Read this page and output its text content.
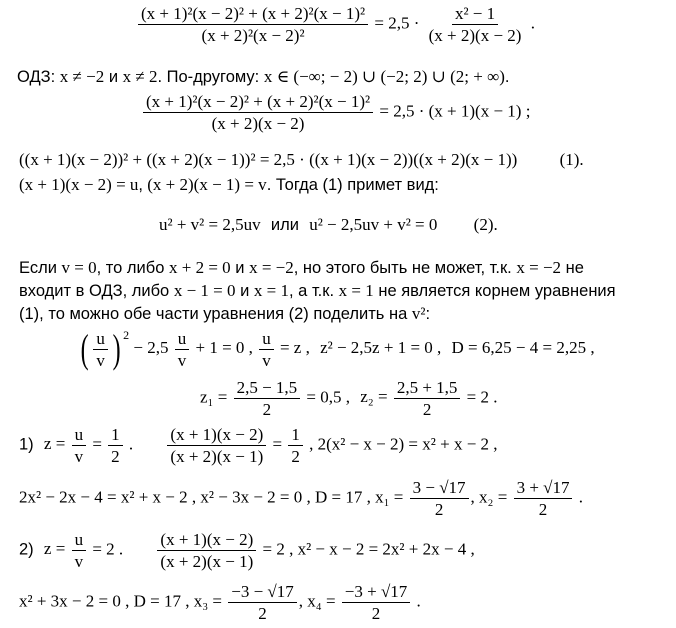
$\frac{\text{(x + 1)²(x − 2)² + (x + 2)²(x − 1)²}}{\text{(x + 2)²(x − 2)²}} = 2,5 \cdot \frac{\text{x² − 1}}{(x + 2)(x - 2)}$ .
ОДЗ: x ≠ −2 и x ≠ 2. По-другому: x ∈ (−∞; − 2) ∪ (−2; 2) ∪ (2; + ∞).
$\frac{\text{(x + 1)²(x − 2)² + (x + 2)²(x − 1)²}}{(x + 2)(x - 2)} = 2,5 \cdot (x + 1)(x - 1)$ ;
((x + 1)(x − 2))² + ((x + 2)(x − 1))² = 2,5 · ((x + 1)(x − 2))((x + 2)(x − 1)) (1).
(x + 1)(x − 2) = u, (x + 2)(x − 1) = v. Тогда (1) примет вид:
u² + v² = 2,5uv или u² − 2,5uv + v² = 0 (2).
Если v = 0, то либо x + 2 = 0 и x = −2, но этого быть не может, т.к. x = −2 не
входит в ОДЗ, либо x − 1 = 0 и x = 1, а т.к. x = 1 не является корнем уравнения
(1), то можно обе части уравнения (2) поделить на v²:
( $\frac{u}{v}$ ) $^2 - 2,5 \frac{u}{v} + 1 = 0$ , $\frac{u}{v} = z$ , z² − 2,5z + 1 = 0 , D = 6,25 − 4 = 2,25 ,
$z_1 = \frac{2,5 - 1,5}{2} = 0,5$ , $z_2 = \frac{2,5 + 1,5}{2} = 2$ .
1) $z = \frac{u}{v} = \frac{1}{2}$ . $\frac{(x + 1)(x - 2)}{(x + 2)(x - 1)} = \frac{1}{2}$ , 2(x² − x − 2) = x² + x − 2 ,
2x² − 2x − 4 = x² + x − 2 , x² − 3x − 2 = 0 , D = 17 , $x_1 = \frac{3 - √17}{2}$ , $x_2 = \frac{3 + √17}{2}$ .
2) $z = \frac{u}{v} = 2$ . $\frac{(x + 1)(x - 2)}{(x + 2)(x - 1)} = 2$ , x² − x − 2 = 2x² + 2x − 4 ,
x² + 3x − 2 = 0 , D = 17 , $x_3 = \frac{-3 - √17}{2}$ , $x_4 = \frac{-3 + √17}{2}$ .
